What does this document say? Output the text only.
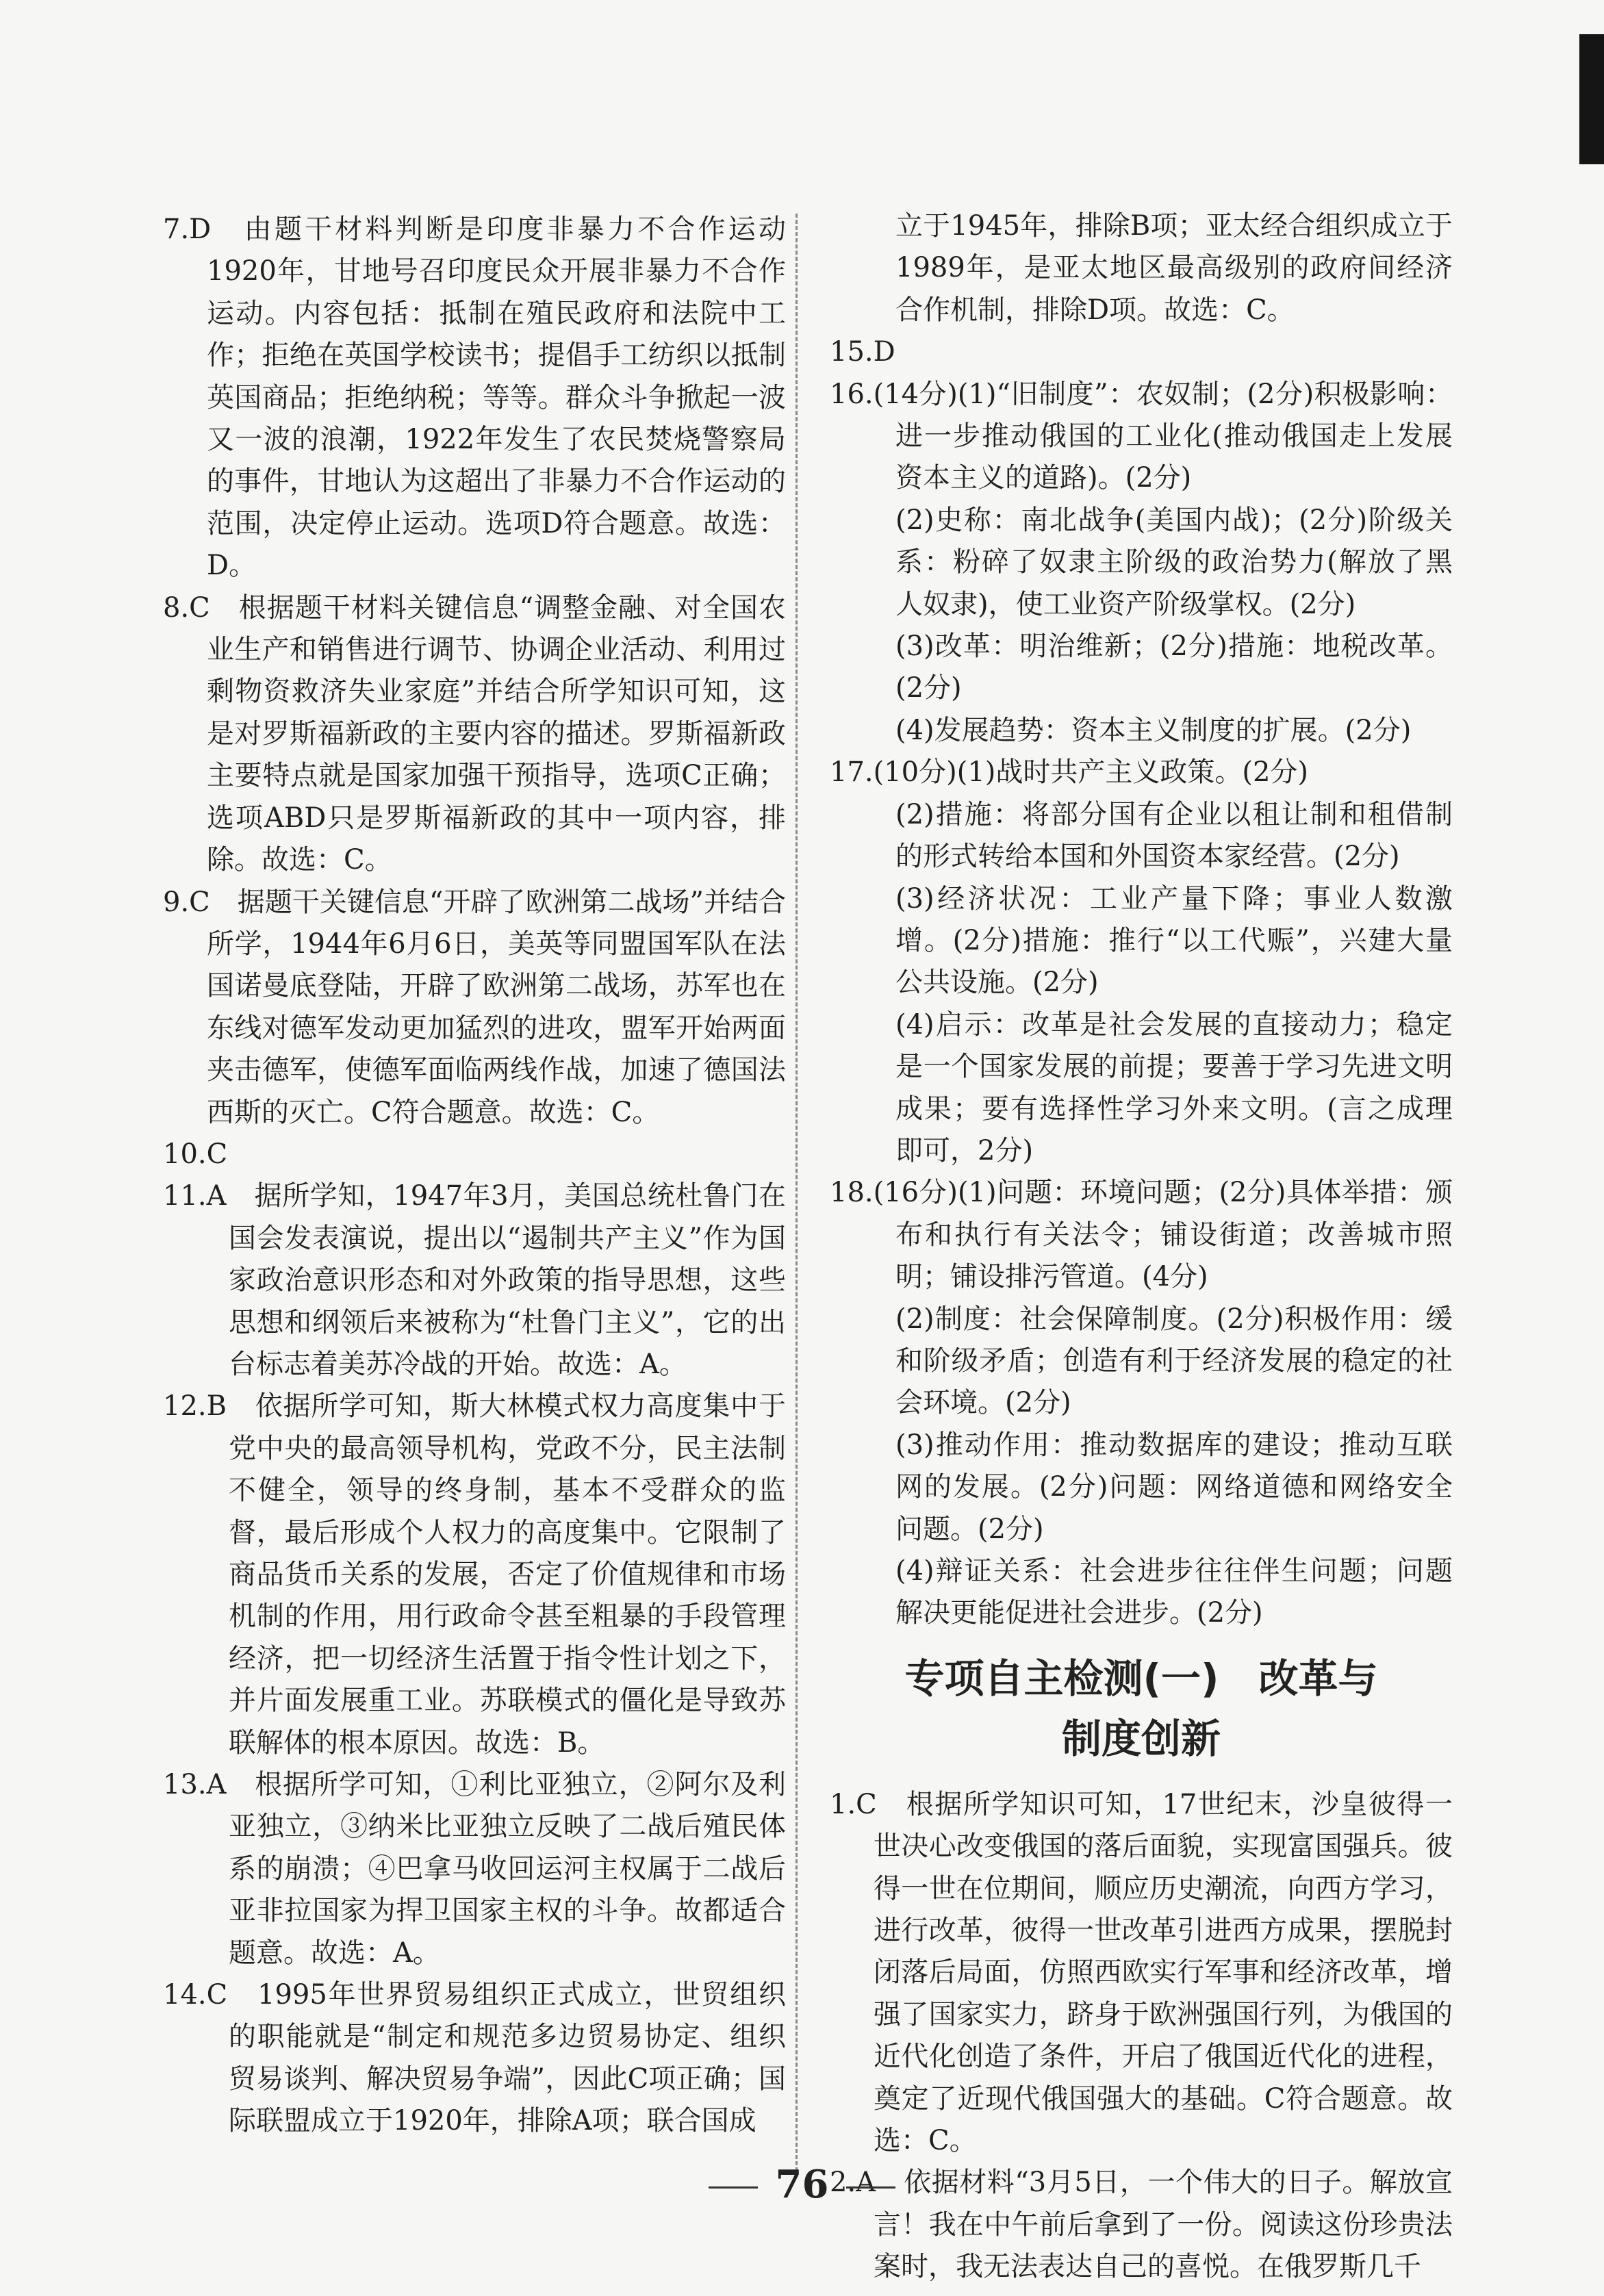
7.D　由题干材料判断是印度非暴力不合作运动1920年，甘地号召印度民众开展非暴力不合作运动。内容包括：抵制在殖民政府和法院中工作；拒绝在英国学校读书；提倡手工纺织以抵制英国商品；拒绝纳税；等等。群众斗争掀起一波又一波的浪潮，1922年发生了农民焚烧警察局的事件，甘地认为这超出了非暴力不合作运动的范围，决定停止运动。选项D符合题意。故选：D。

8.C　根据题干材料关键信息“调整金融、对全国农业生产和销售进行调节、协调企业活动、利用过剩物资救济失业家庭”并结合所学知识可知，这是对罗斯福新政的主要内容的描述。罗斯福新政主要特点就是国家加强干预指导，选项C正确；选项ABD只是罗斯福新政的其中一项内容，排除。故选：C。

9.C　据题干关键信息“开辟了欧洲第二战场”并结合所学，1944年6月6日，美英等同盟国军队在法国诺曼底登陆，开辟了欧洲第二战场，苏军也在东线对德军发动更加猛烈的进攻，盟军开始两面夹击德军，使德军面临两线作战，加速了德国法西斯的灭亡。C符合题意。故选：C。

10.C

11.A　据所学知，1947年3月，美国总统杜鲁门在国会发表演说，提出以“遏制共产主义”作为国家政治意识形态和对外政策的指导思想，这些思想和纲领后来被称为“杜鲁门主义”，它的出台标志着美苏冷战的开始。故选：A。

12.B　依据所学可知，斯大林模式权力高度集中于党中央的最高领导机构，党政不分，民主法制不健全，领导的终身制，基本不受群众的监督，最后形成个人权力的高度集中。它限制了商品货币关系的发展，否定了价值规律和市场机制的作用，用行政命令甚至粗暴的手段管理经济，把一切经济生活置于指令性计划之下，并片面发展重工业。苏联模式的僵化是导致苏联解体的根本原因。故选：B。

13.A　根据所学可知，①利比亚独立，②阿尔及利亚独立，③纳米比亚独立反映了二战后殖民体系的崩溃；④巴拿马收回运河主权属于二战后亚非拉国家为捍卫国家主权的斗争。故都适合题意。故选：A。

14.C　1995年世界贸易组织正式成立，世贸组织的职能就是“制定和规范多边贸易协定、组织贸易谈判、解决贸易争端”，因此C项正确；国际联盟成立于1920年，排除A项；联合国成

立于1945年，排除B项；亚太经合组织成立于1989年，是亚太地区最高级别的政府间经济合作机制，排除D项。故选：C。

15.D

16.(14分)(1)“旧制度”：农奴制；(2分)积极影响：进一步推动俄国的工业化(推动俄国走上发展资本主义的道路)。(2分)

(2)史称：南北战争(美国内战)；(2分)阶级关系：粉碎了奴隶主阶级的政治势力(解放了黑人奴隶)，使工业资产阶级掌权。(2分)

(3)改革：明治维新；(2分)措施：地税改革。(2分)

(4)发展趋势：资本主义制度的扩展。(2分)

17.(10分)(1)战时共产主义政策。(2分)

(2)措施：将部分国有企业以租让制和租借制的形式转给本国和外国资本家经营。(2分)

(3)经济状况：工业产量下降；事业人数激增。(2分)措施：推行“以工代赈”，兴建大量公共设施。(2分)

(4)启示：改革是社会发展的直接动力；稳定是一个国家发展的前提；要善于学习先进文明成果；要有选择性学习外来文明。(言之成理即可，2分)

18.(16分)(1)问题：环境问题；(2分)具体举措：颁布和执行有关法令；铺设街道；改善城市照明；铺设排污管道。(4分)

(2)制度：社会保障制度。(2分)积极作用：缓和阶级矛盾；创造有利于经济发展的稳定的社会环境。(2分)

(3)推动作用：推动数据库的建设；推动互联网的发展。(2分)问题：网络道德和网络安全问题。(2分)

(4)辩证关系：社会进步往往伴生问题；问题解决更能促进社会进步。(2分)

专项自主检测(一)　改革与
制度创新

1.C　根据所学知识可知，17世纪末，沙皇彼得一世决心改变俄国的落后面貌，实现富国强兵。彼得一世在位期间，顺应历史潮流，向西方学习，进行改革，彼得一世改革引进西方成果，摆脱封闭落后局面，仿照西欧实行军事和经济改革，增强了国家实力，跻身于欧洲强国行列，为俄国的近代化创造了条件，开启了俄国近代化的进程，奠定了近现代俄国强大的基础。C符合题意。故选：C。

2.A　依据材料“3月5日，一个伟大的日子。解放宣言！我在中午前后拿到了一份。阅读这份珍贵法案时，我无法表达自己的喜悦。在俄罗斯几千

76
